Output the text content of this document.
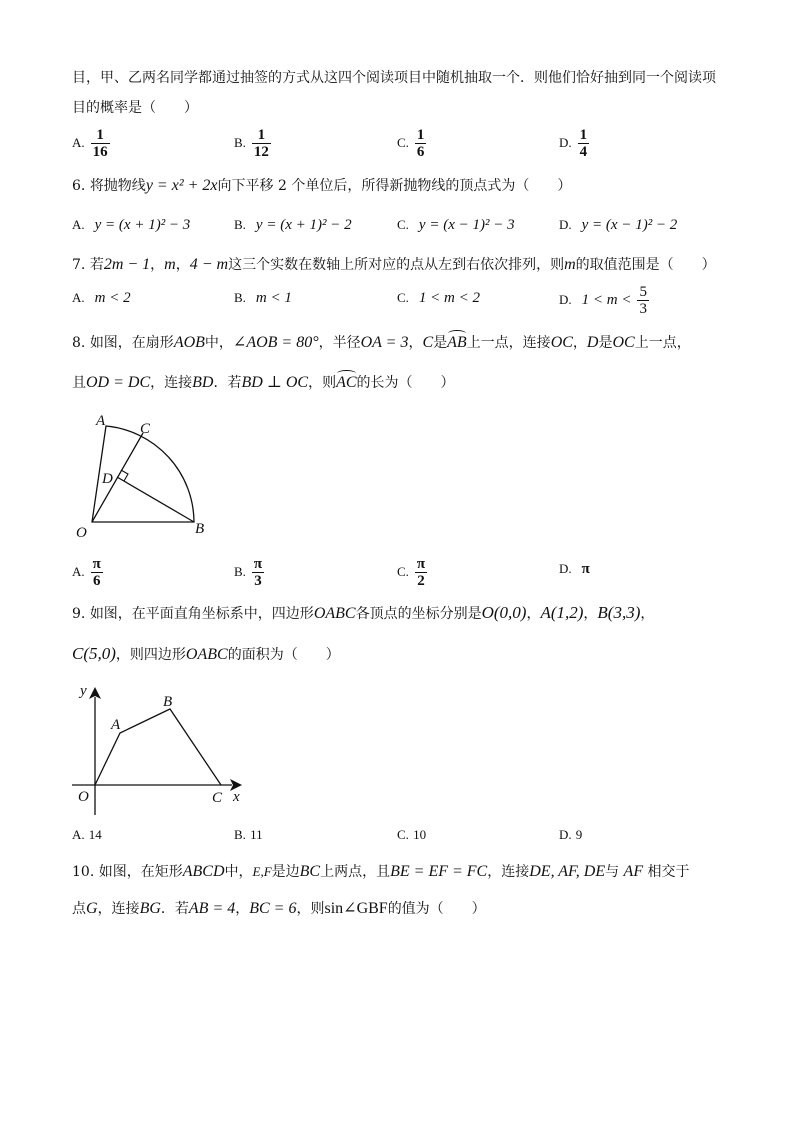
目，甲、乙两名同学都通过抽签的方式从这四个阅读项目中随机抽取一个．则他们恰好抽到同一个阅读项
目的概率是（　　）
A. $\frac{1}{16}$	B. $\frac{1}{12}$	C. $\frac{1}{6}$	D. $\frac{1}{4}$
6. 将抛物线y = x² + 2x向下平移 2 个单位后，所得新抛物线的顶点式为（　　）
A. y = (x + 1)² − 3	B. y = (x + 1)² − 2	C. y = (x − 1)² − 3	D. y = (x − 1)² − 2
7. 若2m − 1，m，4 − m这三个实数在数轴上所对应的点从左到右依次排列，则m的取值范围是（　　）
A. m < 2	B. m < 1	C. 1 < m < 2	D. $1 < m < \frac{5}{3}$
8. 如图，在扇形AOB中，∠AOB = 80°，半径OA = 3，C是AB上一点，连接OC，D是OC上一点，
且OD = DC，连接BD．若BD ⊥ OC，则AC的长为（　　）
A C
D
O	B
A. $\frac{\pi}{6}$	B. $\frac{\pi}{3}$	C. $\frac{\pi}{2}$	D. π
9. 如图，在平面直角坐标系中，四边形OABC各顶点的坐标分别是O(0,0)，A(1,2)，B(3,3)，
C(5,0)，则四边形OABC的面积为（　　）
y
x
O
A
B
C
A. 14	B. 11	C. 10	D. 9
10. 如图，在矩形ABCD中，E,F是边BC上两点，且BE = EF = FC，连接DE, AF, DE与 AF 相交于
点G，连接BG．若AB = 4，BC = 6，则sin∠GBF的值为（　　）
